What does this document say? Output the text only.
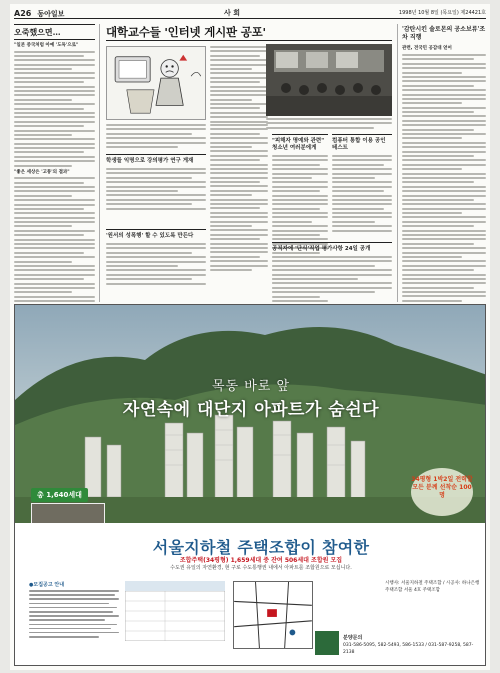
A26 동아일보	사 회	1998년 10월 8일 (목요일) 제24421호
오죽했으면…
"일본 중국처럼 아예 '도둑'으로"
"좋은 세상은 '고통'의 결과"
대학교수들 '인터넷 게시판 공포'
학생들 익명으로 강의평가 연구 게재
'원서의 성폭행' 할 수 있도록 만든다
"피해자 명예와 관련" 청소년 여러분에게
컴퓨터 통합 이용 공인 테스트
공직자에 '단식'직업 평가사항 24일 공개
'감탄시킨 솔로몬의 공소보류'조차 직행
관련, 전국민 공감대 얻어
목동 바로 앞
자연속에 대단지 아파트가 숨쉰다
총 1,640세대
34평형 1박2일 전력할 모든 분께 선착순 100명
서울지하철 주택조합이 참여한
조합주택(34평형) 1,659세대 중 잔여 506세대 조합원 모집
수도권 유일의 자연환경, 현 구로 수도통행권 내에서 아파트를 조합원으로 모십니다.
●모집공고 안내
분양문의
031-586-5095, 582-5493, 586-1533 / 031-587-9258, 587-2138
시행사: 서울지하철 주택조합 / 시공사: 하나은행 주택조합 서울 4호 주택조합
